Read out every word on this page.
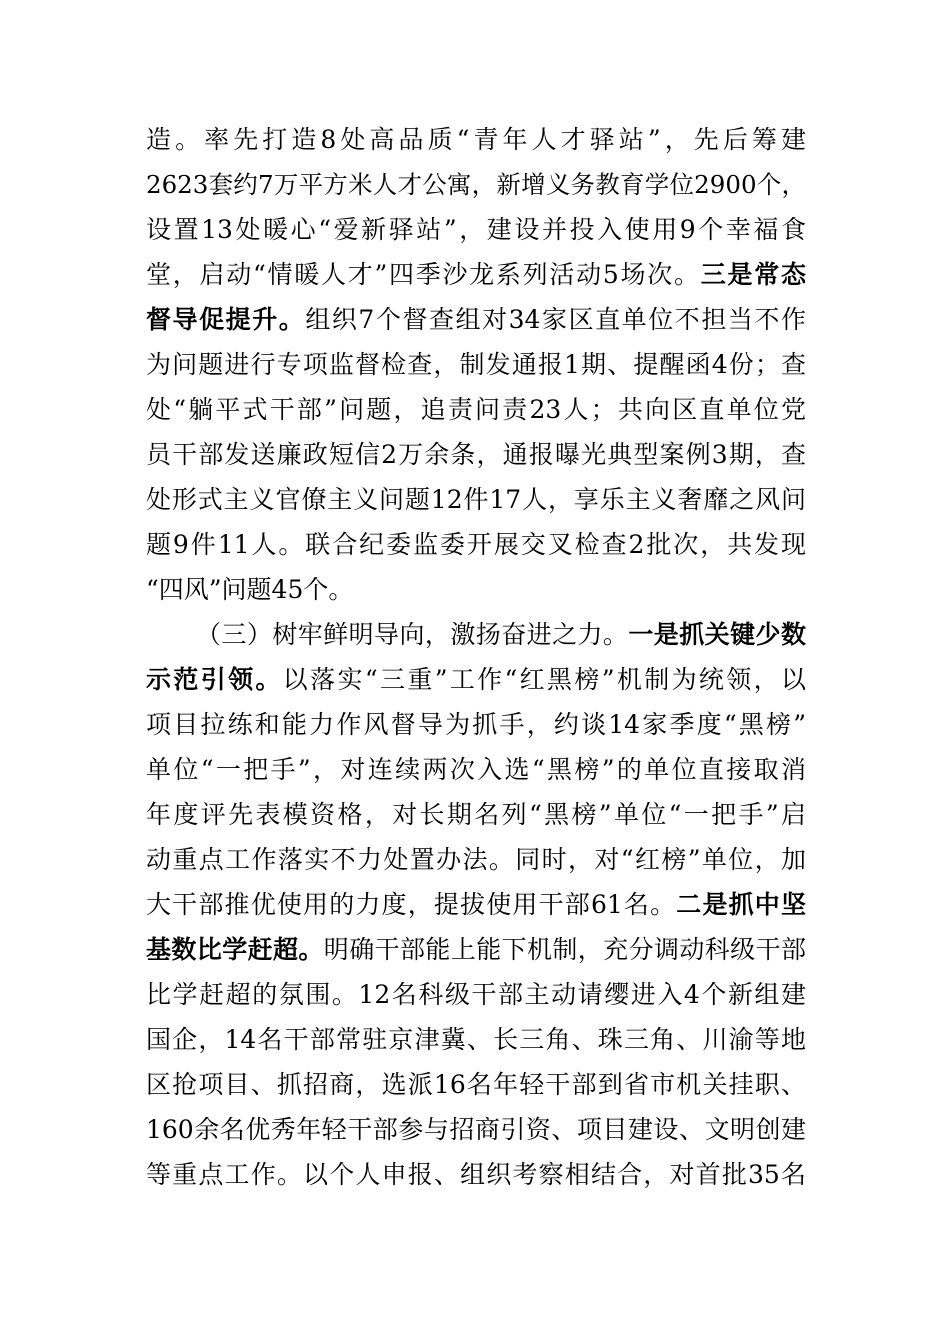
造。率先打造8处高品质“青年人才驿站”，先后筹建
2623套约7万平方米人才公寓，新增义务教育学位2900个，
设置13处暖心“爱新驿站”，建设并投入使用9个幸福食
堂，启动“情暖人才”四季沙龙系列活动5场次。三是常态
督导促提升。组织7个督查组对34家区直单位不担当不作
为问题进行专项监督检查，制发通报1期、提醒函4份；查
处“躺平式干部”问题，追责问责23人；共向区直单位党
员干部发送廉政短信2万余条，通报曝光典型案例3期，查
处形式主义官僚主义问题12件17人，享乐主义奢靡之风问
题9件11人。联合纪委监委开展交叉检查2批次，共发现
“四风”问题45个。
（三）树牢鲜明导向，激扬奋进之力。一是抓关键少数
示范引领。以落实“三重”工作“红黑榜”机制为统领，以
项目拉练和能力作风督导为抓手，约谈14家季度“黑榜”
单位“一把手”，对连续两次入选“黑榜”的单位直接取消
年度评先表模资格，对长期名列“黑榜”单位“一把手”启
动重点工作落实不力处置办法。同时，对“红榜”单位，加
大干部推优使用的力度，提拔使用干部61名。二是抓中坚
基数比学赶超。明确干部能上能下机制，充分调动科级干部
比学赶超的氛围。12名科级干部主动请缨进入4个新组建
国企，14名干部常驻京津冀、长三角、珠三角、川渝等地
区抢项目、抓招商，选派16名年轻干部到省市机关挂职、
160余名优秀年轻干部参与招商引资、项目建设、文明创建
等重点工作。以个人申报、组织考察相结合，对首批35名
